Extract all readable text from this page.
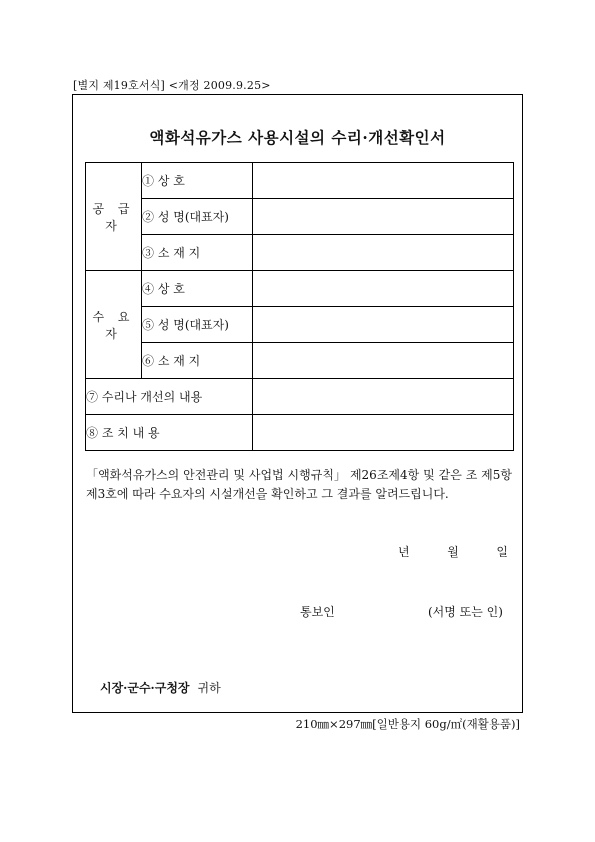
[별지 제19호서식] <개정 2009.9.25>
액화석유가스 사용시설의 수리·개선확인서
공 급 자	① 상 호	
	② 성 명(대표자)	
	③ 소 재 지	
수 요 자	④ 상 호	
	⑤ 성 명(대표자)	
	⑥ 소 재 지	
⑦ 수리나 개선의 내용		
⑧ 조 치 내 용		
「액화석유가스의 안전관리 및 사업법 시행규칙」 제26조제4항 및 같은 조 제5항제3호에 따라 수요자의 시설개선을 확인하고 그 결과를 알려드립니다.
년	월	일
통보인	(서명 또는 인)
시장·군수·구청장 귀하
210㎜×297㎜[일반용지 60g/㎡(재활용품)]
